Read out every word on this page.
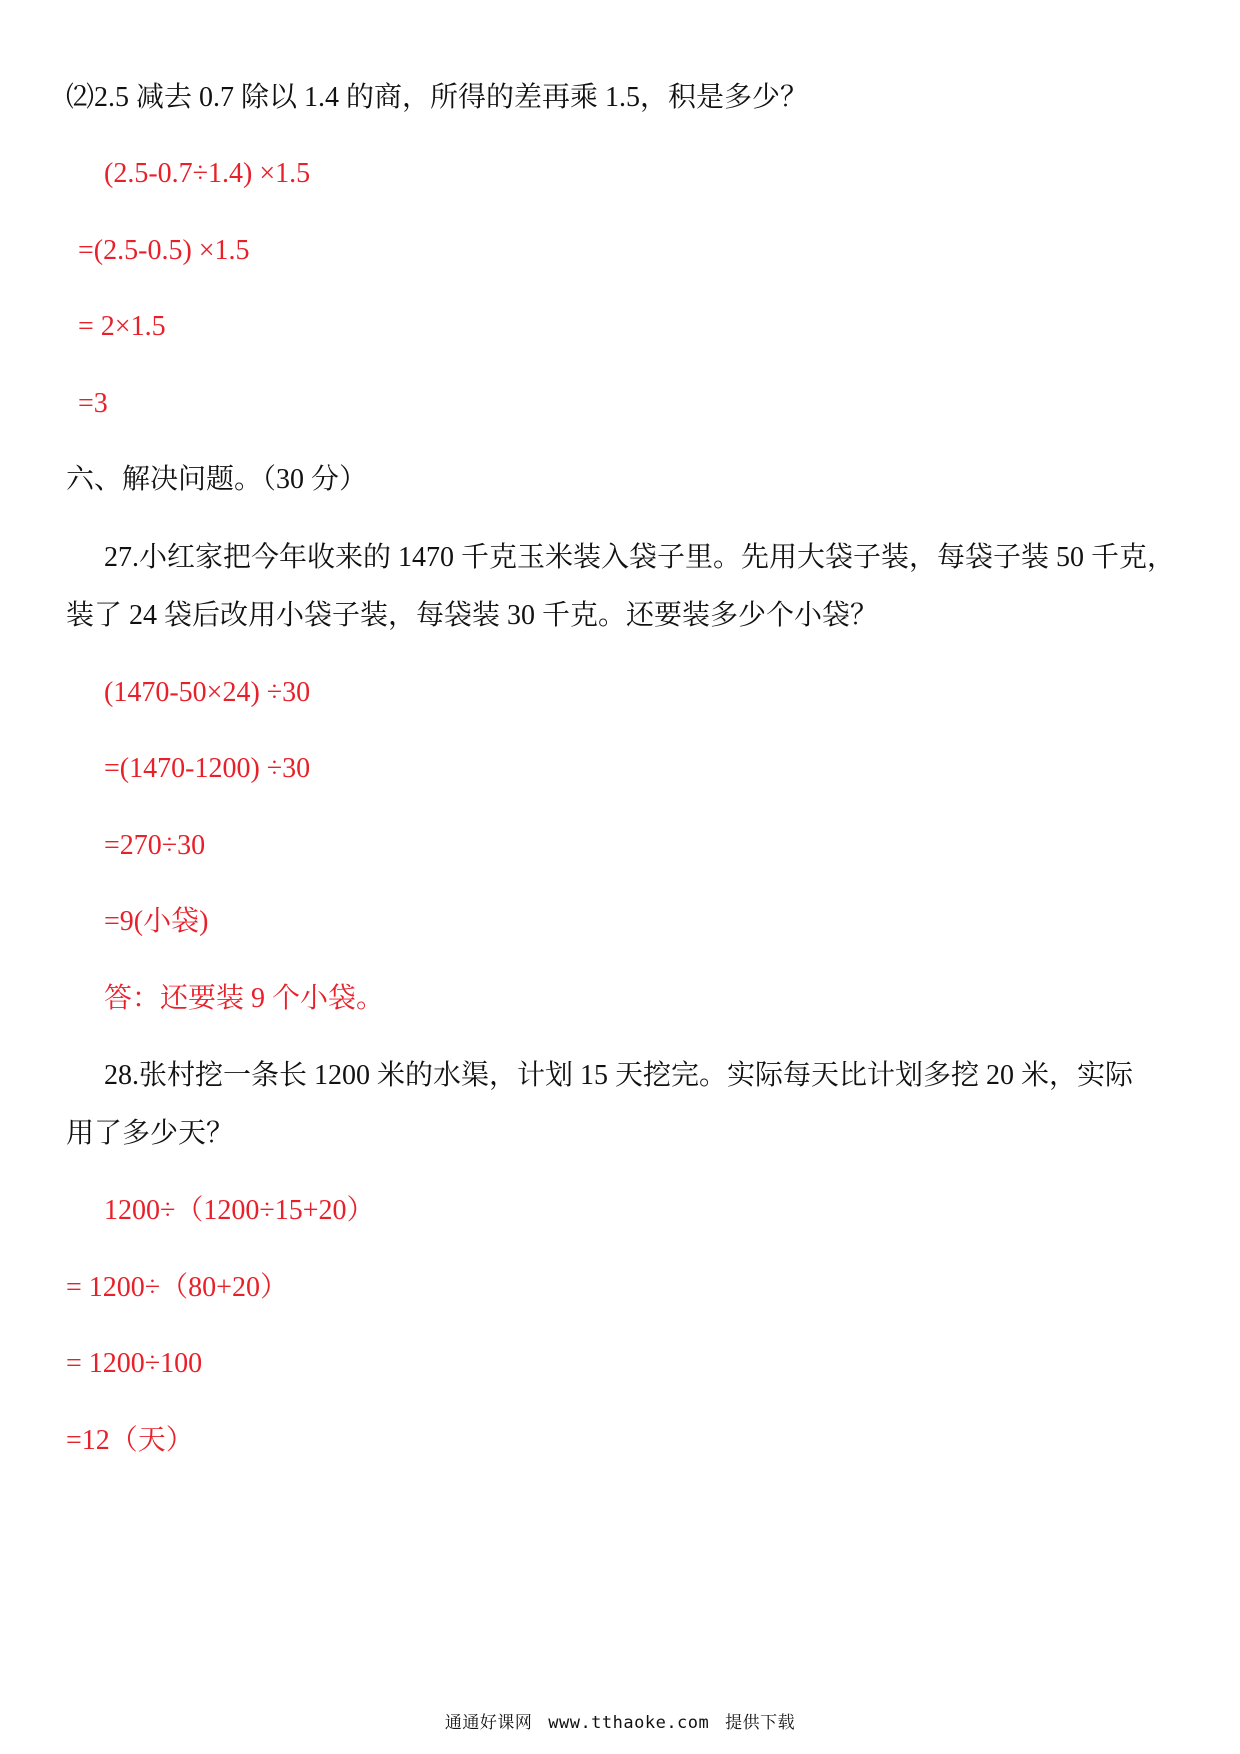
⑵2.5 减去 0.7 除以 1.4 的商，所得的差再乘 1.5，积是多少？
(2.5-0.7÷1.4) ×1.5
=(2.5-0.5) ×1.5
= 2×1.5
=3
六、解决问题。（30 分）
27.小红家把今年收来的 1470 千克玉米装入袋子里。先用大袋子装，每袋子装 50 千克，
装了 24 袋后改用小袋子装，每袋装 30 千克。还要装多少个小袋？
(1470-50×24) ÷30
=(1470-1200) ÷30
=270÷30
=9(小袋)
答：还要装 9 个小袋。
28.张村挖一条长 1200 米的水渠，计划 15 天挖完。实际每天比计划多挖 20 米，实际
用了多少天？
1200÷（1200÷15+20）
= 1200÷（80+20）
= 1200÷100
=12（天）
通通好课网 www.tthaoke.com 提供下载
